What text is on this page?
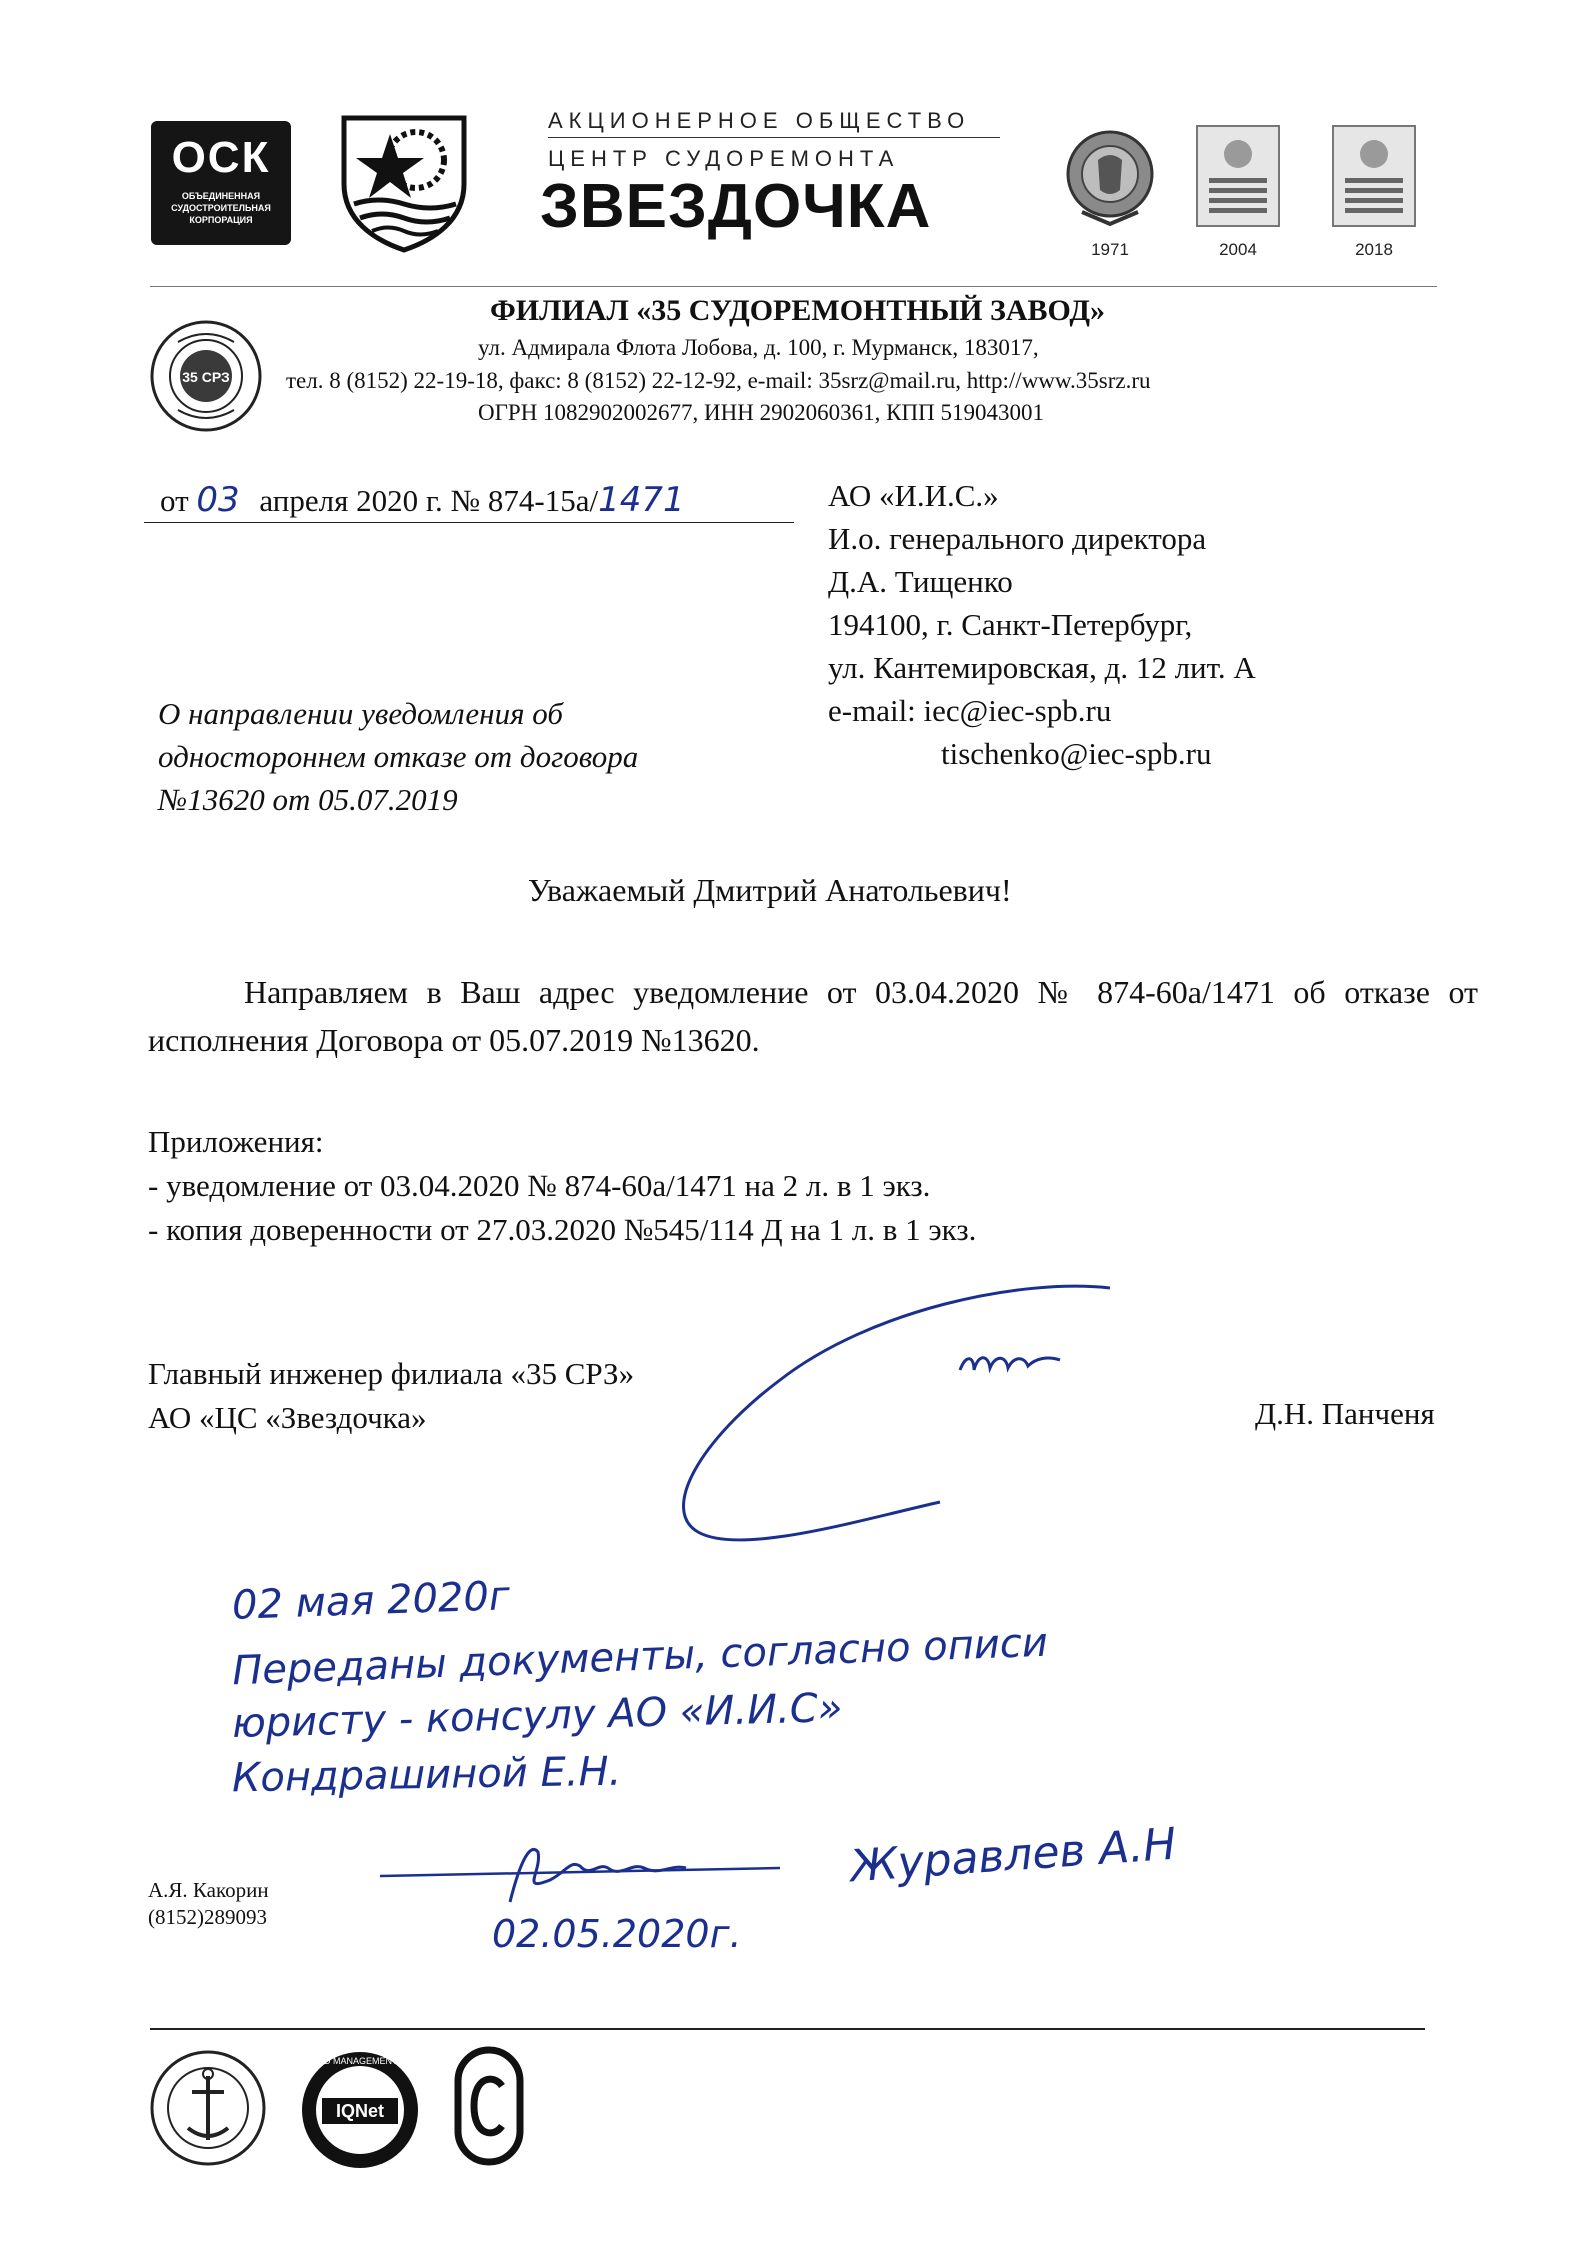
ОСК
ОБЪЕДИНЕННАЯ СУДОСТРОИТЕЛЬНАЯ КОРПОРАЦИЯ
АКЦИОНЕРНОЕ ОБЩЕСТВО
ЦЕНТР СУДОРЕМОНТА
ЗВЕЗДОЧКА
1971	2004	2018
35 СРЗ
ФИЛИАЛ «35 СУДОРЕМОНТНЫЙ ЗАВОД»
ул. Адмирала Флота Лобова, д. 100, г. Мурманск, 183017,
тел. 8 (8152) 22-19-18, факс: 8 (8152) 22-12-92, e-mail: 35srz@mail.ru, http://www.35srz.ru
ОГРН 1082902002677, ИНН 2902060361, КПП 519043001
от 03 апреля 2020 г. № 874-15а/1471	АО «И.И.С.»
И.о. генерального директора
Д.А. Тищенко
194100, г. Санкт-Петербург,
ул. Кантемировская, д. 12 лит. А
e-mail: iec@iec-spb.ru
tischenko@iec-spb.ru
О направлении уведомления об
одностороннем отказе от договора
№13620 от 05.07.2019
Уважаемый Дмитрий Анатольевич!
Направляем в Ваш адрес уведомление от 03.04.2020 № 874-60а/1471 об отказе от исполнения Договора от 05.07.2019 №13620.
Приложения:
- уведомление от 03.04.2020 № 874-60а/1471 на 2 л. в 1 экз.
- копия доверенности от 27.03.2020 №545/114 Д на 1 л. в 1 экз.
Главный инженер филиала «35 СРЗ»
АО «ЦС «Звездочка»	Д.Н. Панченя
02 мая 2020г
Переданы документы, согласно описи
юристу - консулу АО «И.И.С»
Кондрашиной Е.Н.
Журавлев А.Н
02.05.2020г.
А.Я. Какорин
(8152)289093
IQNet
CERTIFIED MANAGEMENT SYSTEM
